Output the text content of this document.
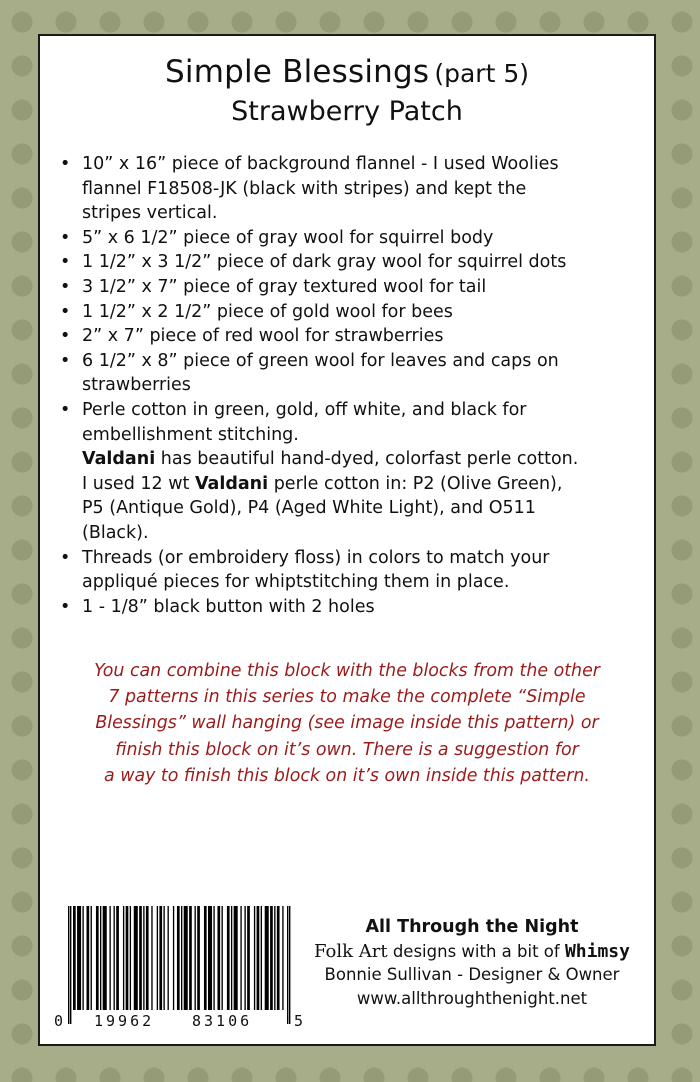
Simple Blessings (part 5)
Strawberry Patch
• 10” x 16” piece of background flannel - I used Woolies
flannel F18508-JK (black with stripes) and kept the
stripes vertical.
• 5” x 6 1/2” piece of gray wool for squirrel body
• 1 1/2” x 3 1/2” piece of dark gray wool for squirrel dots
• 3 1/2” x 7” piece of gray textured wool for tail
• 1 1/2” x 2 1/2” piece of gold wool for bees
• 2” x 7” piece of red wool for strawberries
• 6 1/2” x 8” piece of green wool for leaves and caps on
strawberries
• Perle cotton in green, gold, off white, and black for
embellishment stitching.
Valdani has beautiful hand-dyed, colorfast perle cotton.
I used 12 wt Valdani perle cotton in: P2 (Olive Green),
P5 (Antique Gold), P4 (Aged White Light), and O511
(Black).
• Threads (or embroidery floss) in colors to match your
appliqué pieces for whiptstitching them in place.
• 1 - 1/8” black button with 2 holes
You can combine this block with the blocks from the other
7 patterns in this series to make the complete “Simple
Blessings” wall hanging (see image inside this pattern) or
finish this block on it’s own. There is a suggestion for
a way to finish this block on it’s own inside this pattern.
0 19962	83106	5
All Through the Night
Folk Art designs with a bit of Whimsy
Bonnie Sullivan - Designer & Owner
www.allthroughthenight.net
